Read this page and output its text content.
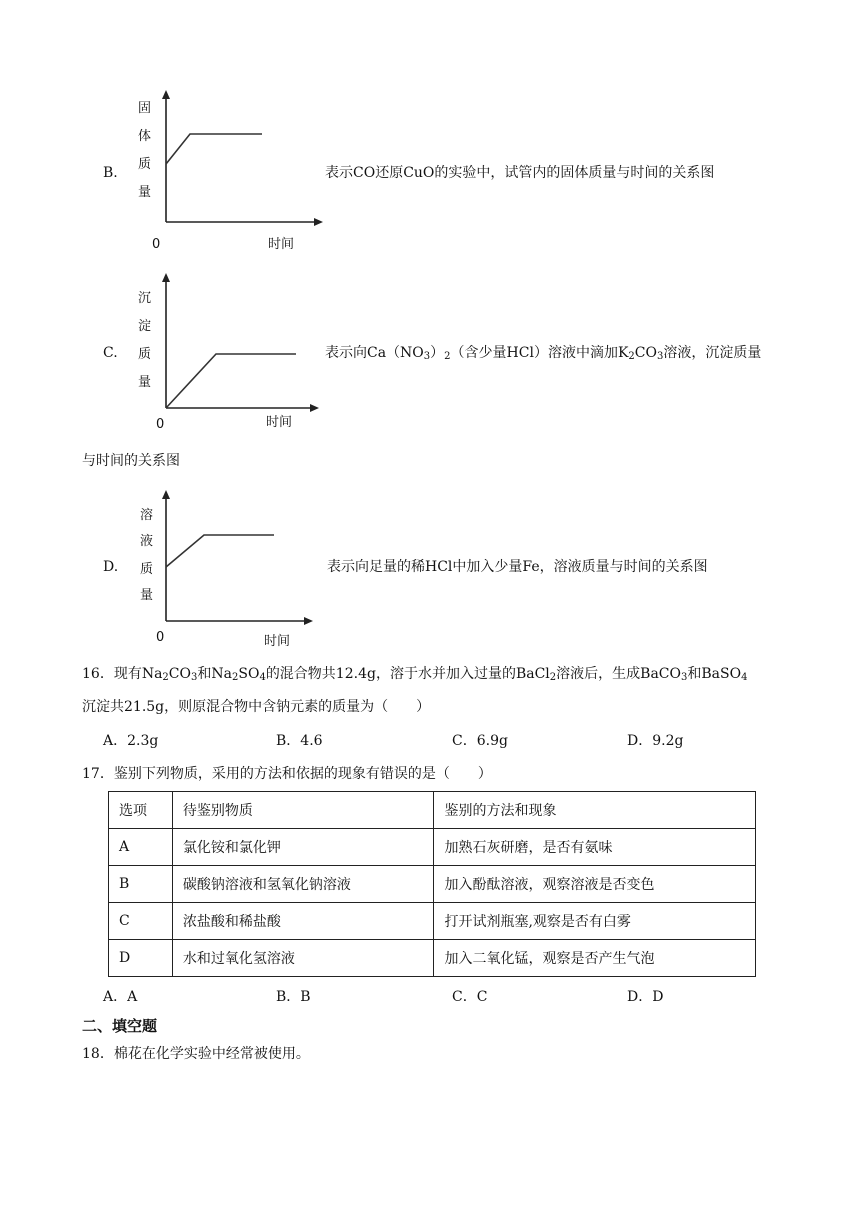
B.
固
体
质
量
0	时间
表示CO还原CuO的实验中，试管内的固体质量与时间的关系图
C.
沉
淀
质
量
0	时间
表示向$Ca(NO_3)_2$（含少量HCl）溶液中滴加$K_2CO_3$溶液，沉淀质量
与时间的关系图
D.
溶
液
质
量
0	时间
表示向足量的稀HCl中加入少量Fe，溶液质量与时间的关系图
16．现有$Na_2CO_3$和$Na_2SO_4$的混合物共12.4g，溶于水并加入过量的BaCl$_2$溶液后，生成BaCO$_3$和BaSO$_4$
沉淀共21.5g，则原混合物中含钠元素的质量为（　　）
A．2.3g	B．4.6	C．6.9g	D．9.2g
17．鉴别下列物质，采用的方法和依据的现象有错误的是（　　）
选项	待鉴别物质	鉴别的方法和现象
A	氯化铵和氯化钾	加熟石灰研磨，是否有氨味
B	碳酸钠溶液和氢氧化钠溶液	加入酚酞溶液，观察溶液是否变色
C	浓盐酸和稀盐酸	打开试剂瓶塞,观察是否有白雾
D	水和过氧化氢溶液	加入二氧化锰，观察是否产生气泡
A．A	B．B	C．C	D．D
二、填空题
18．棉花在化学实验中经常被使用。
